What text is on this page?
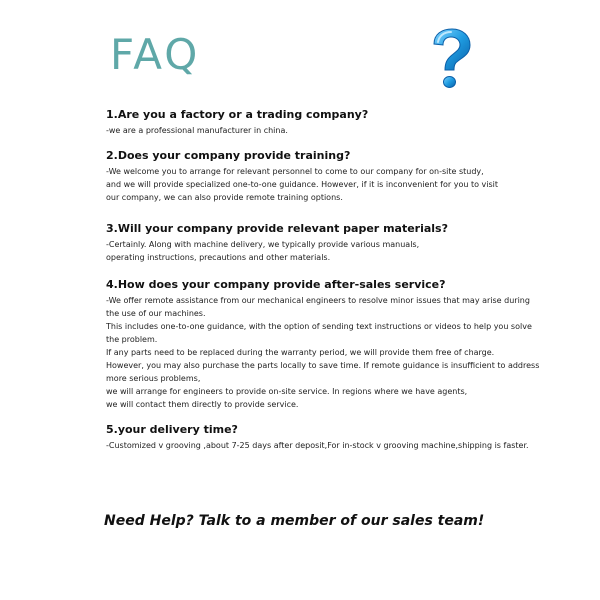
FAQ

1.Are you a factory or a trading company?

-we are a professional manufacturer in china.

2.Does your company provide training?

-We welcome you to arrange for relevant personnel to come to our company for on-site study,

and we will provide specialized one-to-one guidance. However, if it is inconvenient for you to visit

our company, we can also provide remote training options.

3.Will your company provide relevant paper materials?

-Certainly. Along with machine delivery, we typically provide various manuals,

operating instructions, precautions and other materials.

4.How does your company provide after-sales service?

-We offer remote assistance from our mechanical engineers to resolve minor issues that may arise during

the use of our machines.

This includes one-to-one guidance, with the option of sending text instructions or videos to help you solve

the problem.

If any parts need to be replaced during the warranty period, we will provide them free of charge.

However, you may also purchase the parts locally to save time. If remote guidance is insufficient to address

more serious problems,

we will arrange for engineers to provide on-site service. In regions where we have agents,

we will contact them directly to provide service.

5.your delivery time?

-Customized v grooving ,about 7-25 days after deposit,For in-stock v grooving machine,shipping is faster.

Need Help? Talk to a member of our sales team!
